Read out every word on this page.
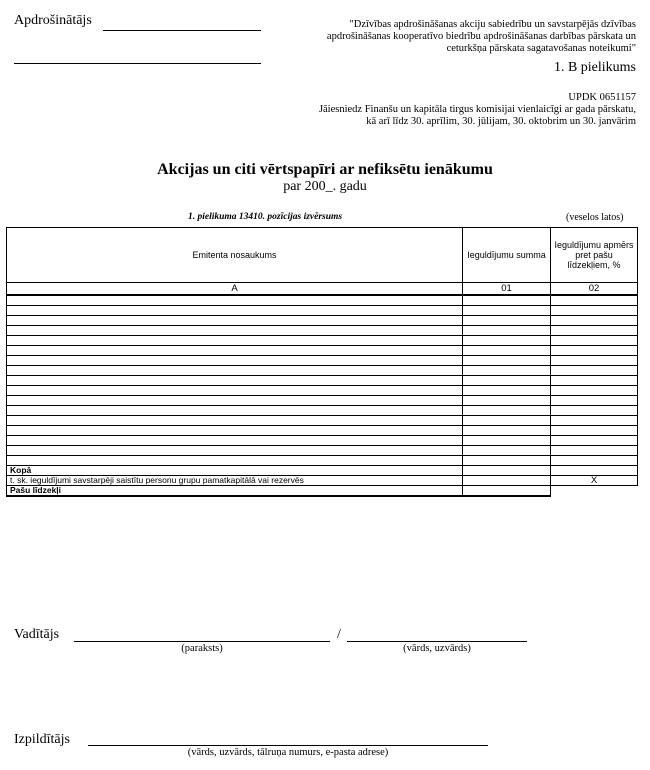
Apdrošinātājs	"Dzīvības apdrošināšanas akciju sabiedrību un savstarpējās dzīvības apdrošināšanas kooperatīvo biedrību apdrošināšanas darbības pārskata un ceturkšņa pārskata sagatavošanas noteikumi"
1. B pielikums
UPDK 0651157
Jāiesniedz Finanšu un kapitāla tirgus komisijai vienlaicīgi ar gada pārskatu,
kā arī līdz 30. aprīlim, 30. jūlijam, 30. oktobrim un 30. janvārim
Akcijas un citi vērtspapīri ar nefiksētu ienākumu
par 200_. gadu
1. pielikuma 13410. pozīcijas izvērsums	(veselos latos)
Emitenta nosaukums	Ieguldījumu summa	Ieguldījumu apmērs pret pašu līdzekļiem, %
A	01	02

Kopā		
t. sk. ieguldījumi savstarpēji saistītu personu grupu pamatkapitālā vai rezervēs		X
Pašu līdzekļi		
Vadītājs	/
(paraksts)	(vārds, uzvārds)
Izpildītājs
(vārds, uzvārds, tālruņa numurs, e-pasta adrese)
